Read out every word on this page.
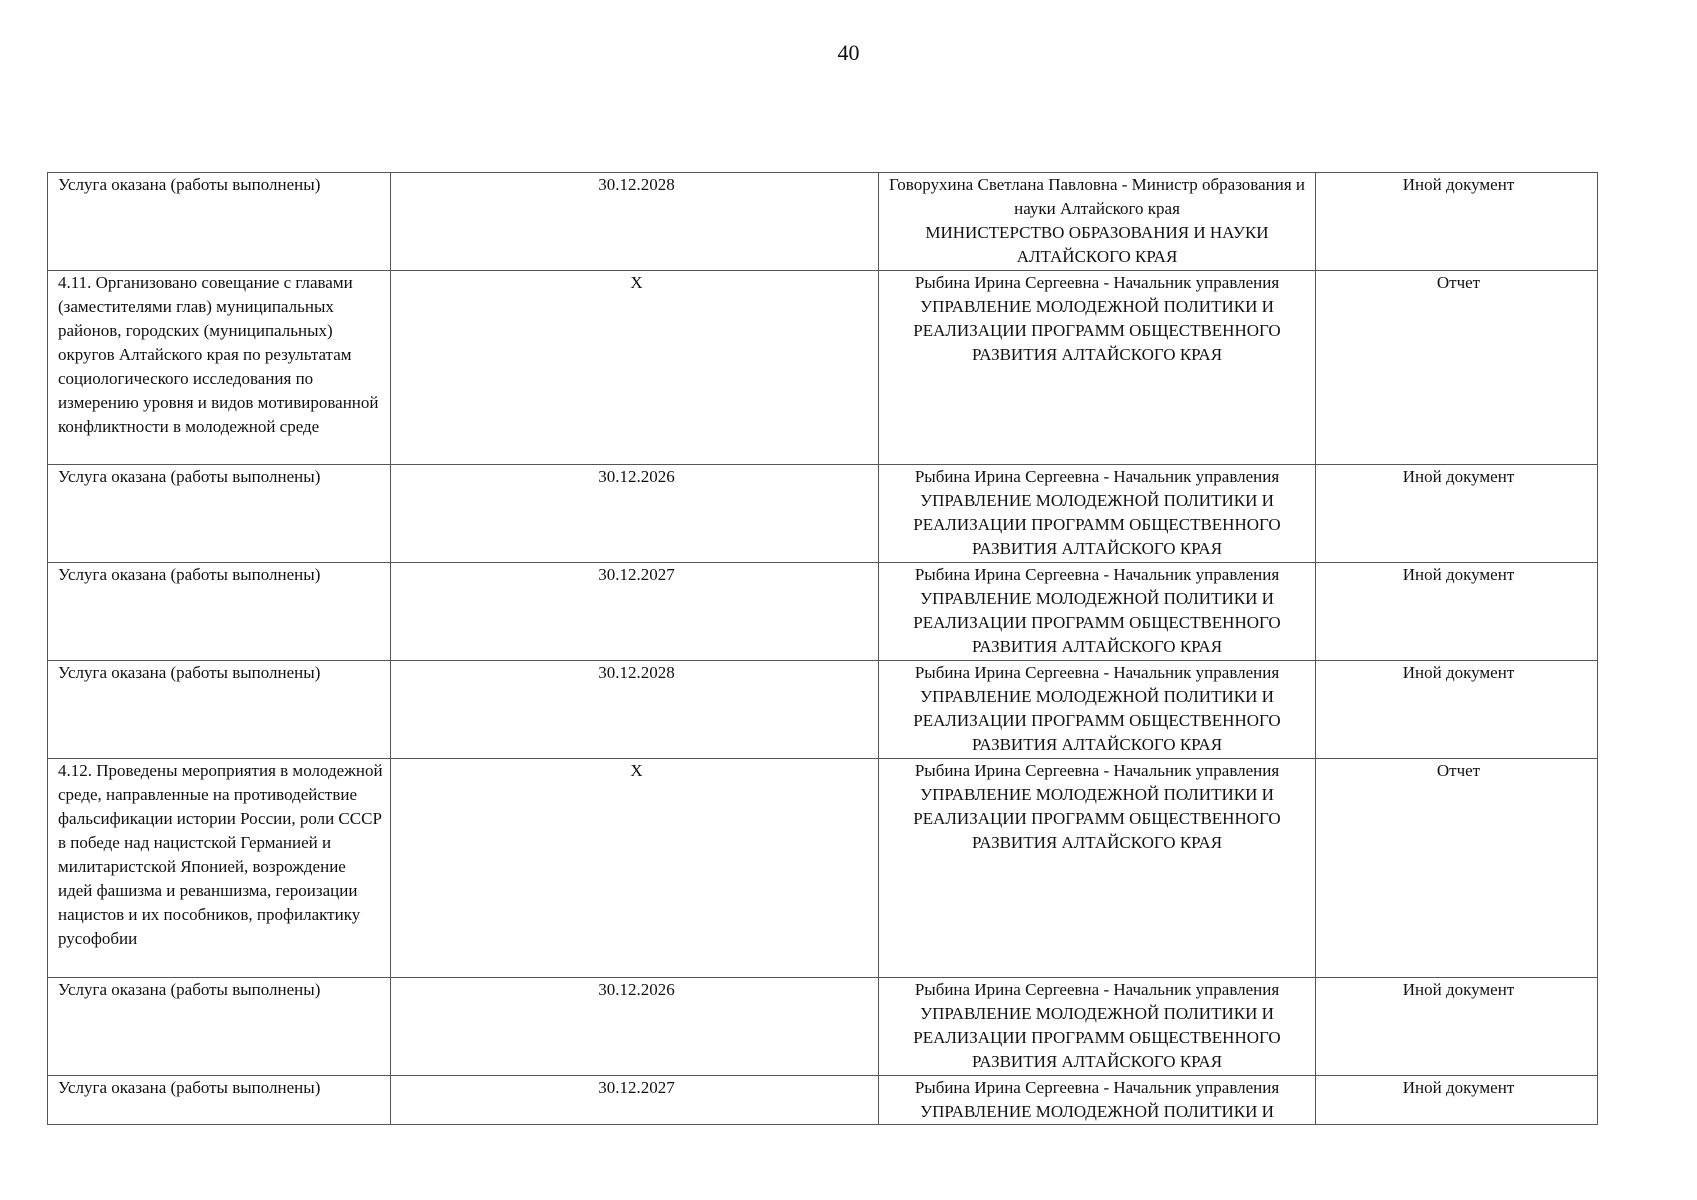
40
Услуга оказана (работы выполнены)	30.12.2028	Говорухина Светлана Павловна - Министр образования и науки Алтайского края
МИНИСТЕРСТВО ОБРАЗОВАНИЯ И НАУКИ АЛТАЙСКОГО КРАЯ	Иной документ
4.11. Организовано совещание с главами (заместителями глав) муниципальных районов, городских (муниципальных) округов Алтайского края по результатам социологического исследования по измерению уровня и видов мотивированной конфликтности в молодежной среде	X	Рыбина Ирина Сергеевна - Начальник управления
УПРАВЛЕНИЕ МОЛОДЕЖНОЙ ПОЛИТИКИ И РЕАЛИЗАЦИИ ПРОГРАММ ОБЩЕСТВЕННОГО РАЗВИТИЯ АЛТАЙСКОГО КРАЯ	Отчет
Услуга оказана (работы выполнены)	30.12.2026	Рыбина Ирина Сергеевна - Начальник управления
УПРАВЛЕНИЕ МОЛОДЕЖНОЙ ПОЛИТИКИ И РЕАЛИЗАЦИИ ПРОГРАММ ОБЩЕСТВЕННОГО РАЗВИТИЯ АЛТАЙСКОГО КРАЯ	Иной документ
Услуга оказана (работы выполнены)	30.12.2027	Рыбина Ирина Сергеевна - Начальник управления
УПРАВЛЕНИЕ МОЛОДЕЖНОЙ ПОЛИТИКИ И РЕАЛИЗАЦИИ ПРОГРАММ ОБЩЕСТВЕННОГО РАЗВИТИЯ АЛТАЙСКОГО КРАЯ	Иной документ
Услуга оказана (работы выполнены)	30.12.2028	Рыбина Ирина Сергеевна - Начальник управления
УПРАВЛЕНИЕ МОЛОДЕЖНОЙ ПОЛИТИКИ И РЕАЛИЗАЦИИ ПРОГРАММ ОБЩЕСТВЕННОГО РАЗВИТИЯ АЛТАЙСКОГО КРАЯ	Иной документ
4.12. Проведены мероприятия в молодежной среде, направленные на противодействие фальсификации истории России, роли СССР в победе над нацистской Германией и милитаристской Японией, возрождение идей фашизма и реваншизма, героизации нацистов и их пособников, профилактику русофобии	X	Рыбина Ирина Сергеевна - Начальник управления
УПРАВЛЕНИЕ МОЛОДЕЖНОЙ ПОЛИТИКИ И РЕАЛИЗАЦИИ ПРОГРАММ ОБЩЕСТВЕННОГО РАЗВИТИЯ АЛТАЙСКОГО КРАЯ	Отчет
Услуга оказана (работы выполнены)	30.12.2026	Рыбина Ирина Сергеевна - Начальник управления
УПРАВЛЕНИЕ МОЛОДЕЖНОЙ ПОЛИТИКИ И РЕАЛИЗАЦИИ ПРОГРАММ ОБЩЕСТВЕННОГО РАЗВИТИЯ АЛТАЙСКОГО КРАЯ	Иной документ
Услуга оказана (работы выполнены)	30.12.2027	Рыбина Ирина Сергеевна - Начальник управления
УПРАВЛЕНИЕ МОЛОДЕЖНОЙ ПОЛИТИКИ И	Иной документ
